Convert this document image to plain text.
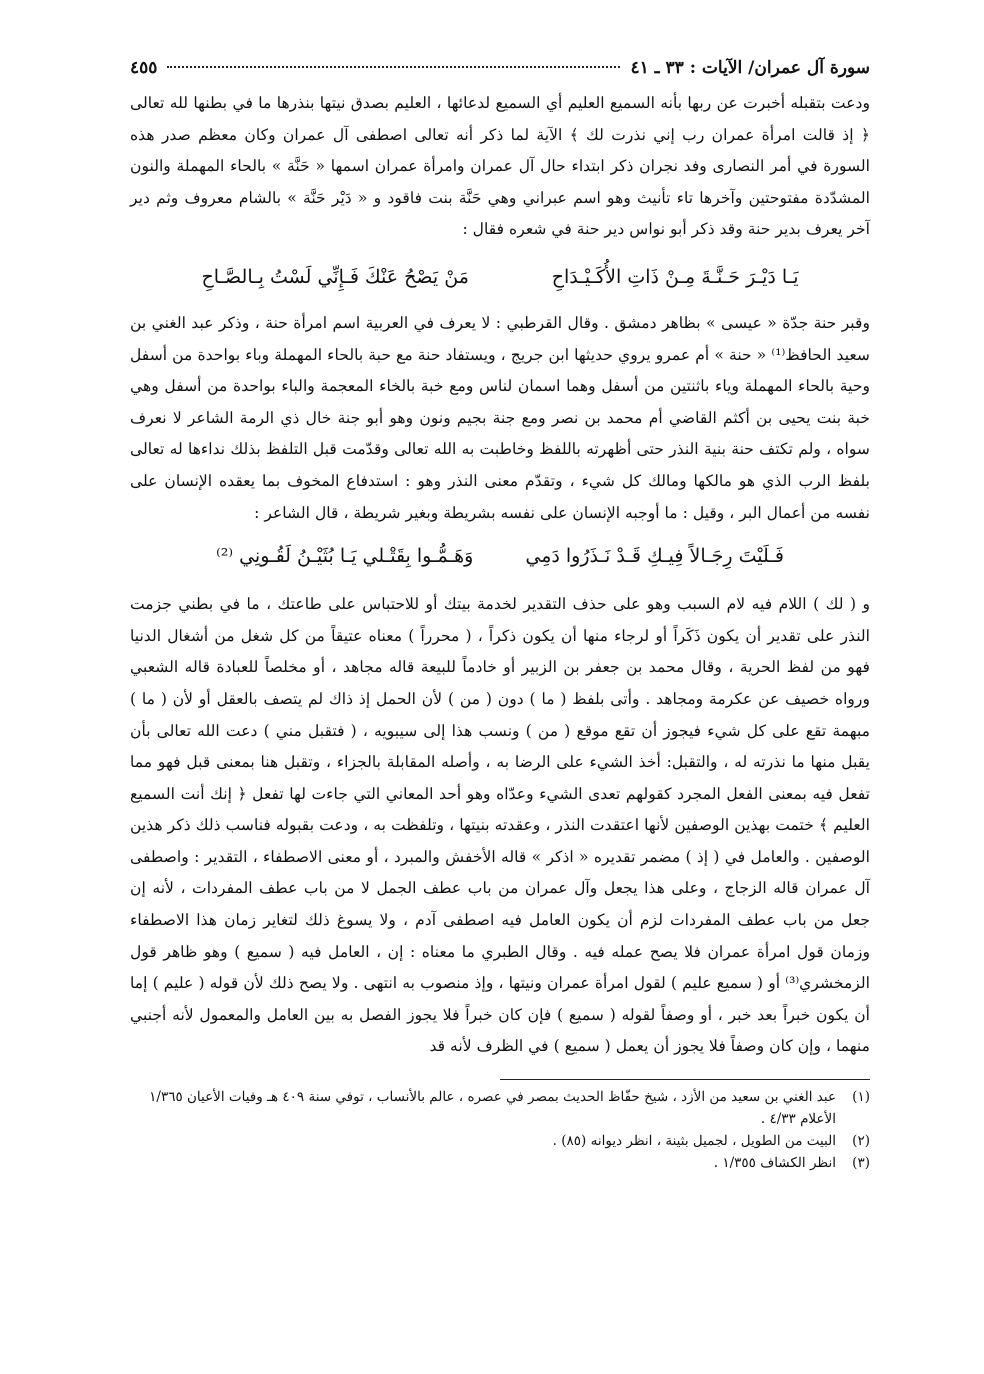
سورة آل عمران/ الآيات : ٣٣ ـ ٤١
٤٥٥

ودعت بتقبله أخبرت عن ربها بأنه السميع العليم أي السميع لدعائها ، العليم بصدق نيتها بنذرها ما في بطنها لله تعالى ﴿ إذ قالت امرأة عمران رب إني نذرت لك ﴾ الآية لما ذكر أنه تعالى اصطفى آل عمران وكان معظم صدر هذه السورة في أمر النصارى وفد نجران ذكر ابتداء حال آل عمران وامرأة عمران اسمها « حَنَّة » بالحاء المهملة والنون المشدّدة مفتوحتين وآخرها تاء تأنيث وهو اسم عبراني وهي حَنَّة بنت فاقود و « دَيْر حَنَّة » بالشام معروف وثم دير آخر يعرف بدير حنة وقد ذكر أبو نواس دير حنة في شعره فقال :

يَـا دَيْـرَ حَـنَّـةَ مِـنْ ذَاتِ الأُكَـيْـدَاحِ
مَنْ يَصْحُ عَنْكَ فَـإِنِّي لَسْتُ بِـالصَّـاحِ

وقبر حنة جدّة « عيسى » بظاهر دمشق . وقال القرطبي : لا يعرف في العربية اسم امرأة حنة ، وذكر عبد الغني بن سعيد الحافظ⁽¹⁾ « حنة » أم عمرو يروي حديثها ابن جريج ، ويستفاد حنة مع حبة بالحاء المهملة وباء بواحدة من أسفل وحية بالحاء المهملة وياء باثنتين من أسفل وهما اسمان لناس ومع خبة بالخاء المعجمة والباء بواحدة من أسفل وهي خبة بنت يحيى بن أكثم القاضي أم محمد بن نصر ومع جنة بجيم ونون وهو أبو جنة خال ذي الرمة الشاعر لا نعرف سواه ، ولم تكتف حنة بنية النذر حتى أظهرته باللفظ وخاطبت به الله تعالى وقدّمت قبل التلفظ بذلك نداءها له تعالى بلفظ الرب الذي هو مالكها ومالك كل شيء ، وتقدّم معنى النذر وهو : استدفاع المخوف بما يعقده الإنسان على نفسه من أعمال البر ، وقيل : ما أوجبه الإنسان على نفسه بشريطة وبغير شريطة ، قال الشاعر :

فَـلَيْتَ رِجَـالاً فِيـكِ قَـدْ نَـذَرُوا دَمِي
وَهَـمُّـوا بِقَتْـلي يَـا بُثَيْـنُ لَقُـونِي ⁽²⁾

و ( لك ) اللام فيه لام السبب وهو على حذف التقدير لخدمة بيتك أو للاحتباس على طاعتك ، ما في بطني جزمت النذر على تقدير أن يكون ذَكَراً أو لرجاء منها أن يكون ذكراً ، ( محرراً ) معناه عتيقاً من كل شغل من أشغال الدنيا فهو من لفظ الحرية ، وقال محمد بن جعفر بن الزبير أو خادماً للبيعة قاله مجاهد ، أو مخلصاً للعبادة قاله الشعبي ورواه خصيف عن عكرمة ومجاهد . وأتى بلفظ ( ما ) دون ( من ) لأن الحمل إذ ذاك لم يتصف بالعقل أو لأن ( ما ) مبهمة تقع على كل شيء فيجوز أن تقع موقع ( من ) ونسب هذا إلى سيبويه ، ( فتقبل مني ) دعت الله تعالى بأن يقبل منها ما نذرته له ، والتقبل: أخذ الشيء على الرضا به ، وأصله المقابلة بالجزاء ، وتقبل هنا بمعنى قبل فهو مما تفعل فيه بمعنى الفعل المجرد كقولهم تعدى الشيء وعدّاه وهو أحد المعاني التي جاءت لها تفعل ﴿ إنك أنت السميع العليم ﴾ ختمت بهذين الوصفين لأنها اعتقدت النذر ، وعقدته بنيتها ، وتلفظت به ، ودعت بقبوله فناسب ذلك ذكر هذين الوصفين . والعامل في ( إذ ) مضمر تقديره « اذكر » قاله الأخفش والمبرد ، أو معنى الاصطفاء ، التقدير : واصطفى آل عمران قاله الزجاج ، وعلى هذا يجعل وآل عمران من باب عطف الجمل لا من باب عطف المفردات ، لأنه إن جعل من باب عطف المفردات لزم أن يكون العامل فيه اصطفى آدم ، ولا يسوغ ذلك لتغاير زمان هذا الاصطفاء وزمان قول امرأة عمران فلا يصح عمله فيه . وقال الطبري ما معناه : إن ، العامل فيه ( سميع ) وهو ظاهر قول الزمخشري⁽³⁾ أو ( سميع عليم ) لقول امرأة عمران ونيتها ، وإذ منصوب به انتهى . ولا يصح ذلك لأن قوله ( عليم ) إما أن يكون خبراً بعد خبر ، أو وصفاً لقوله ( سميع ) فإن كان خبراً فلا يجوز الفصل به بين العامل والمعمول لأنه أجنبي منهما ، وإن كان وصفاً فلا يجوز أن يعمل ( سميع ) في الظرف لأنه قد

(١)
عبد الغني بن سعيد من الأزد ، شيخ حفّاظ الحديث بمصر في عصره ، عالم بالأنساب ، توفي سنة ٤٠٩ هـ وفيات الأعيان ١/٣٦٥ الأعلام ٤/٣٣ .
(٢)
البيت من الطويل ، لجميل بثينة ، انظر ديوانه (٨٥) .
(٣)
انظر الكشاف ١/٣٥٥ .
